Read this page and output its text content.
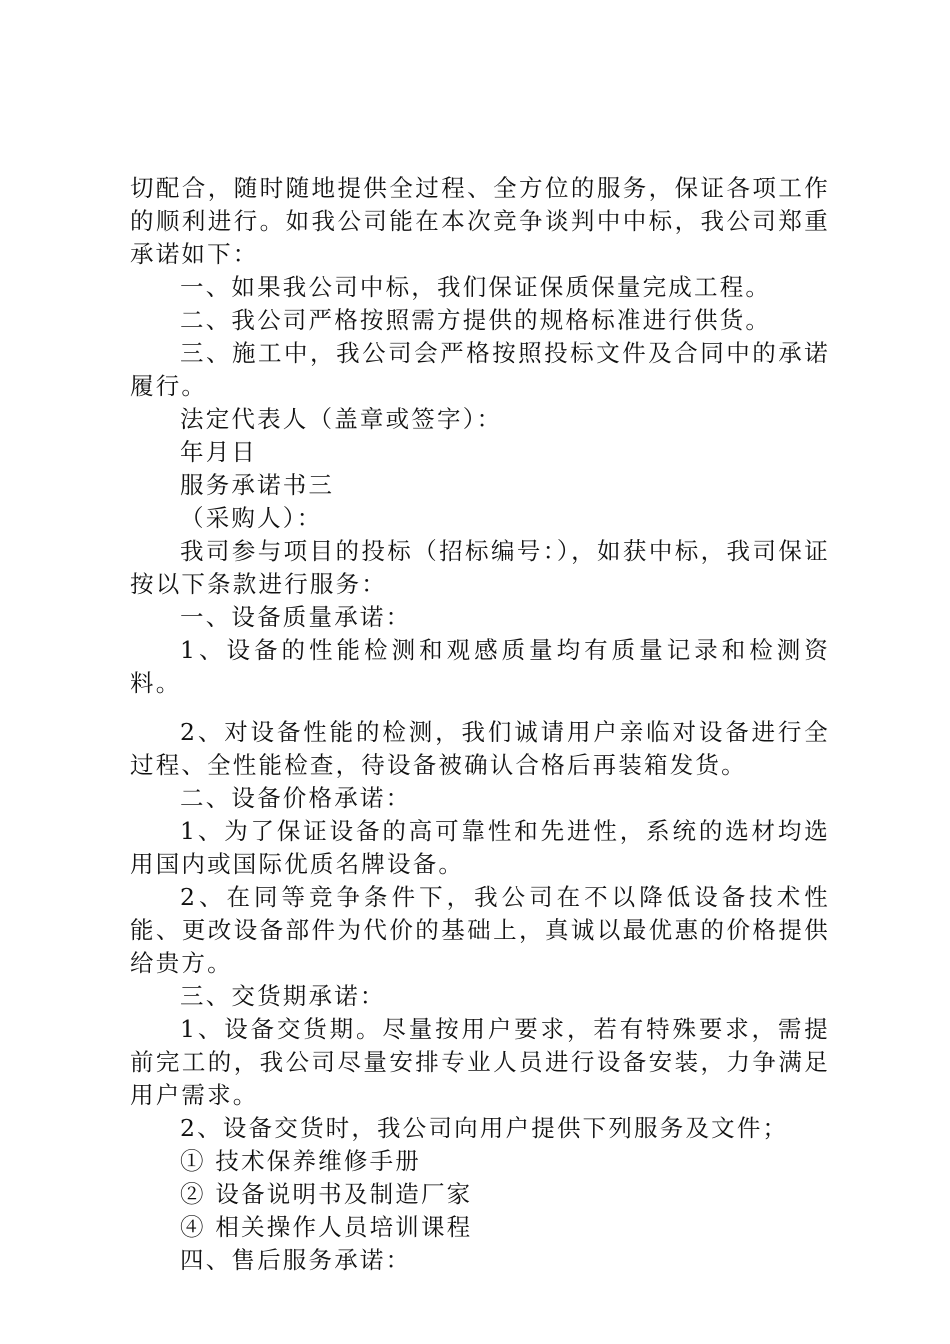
切配合，随时随地提供全过程、全方位的服务，保证各项工作的顺利进行。如我公司能在本次竞争谈判中中标，我公司郑重承诺如下：

一、如果我公司中标，我们保证保质保量完成工程。

二、我公司严格按照需方提供的规格标准进行供货。

三、施工中，我公司会严格按照投标文件及合同中的承诺履行。

法定代表人（盖章或签字）：

年月日

服务承诺书三

（采购人）：

我司参与项目的投标（招标编号：），如获中标，我司保证按以下条款进行服务：

一、设备质量承诺：

1、设备的性能检测和观感质量均有质量记录和检测资料。

2、对设备性能的检测，我们诚请用户亲临对设备进行全过程、全性能检查，待设备被确认合格后再装箱发货。

二、设备价格承诺：

1、为了保证设备的高可靠性和先进性，系统的选材均选用国内或国际优质名牌设备。

2、在同等竞争条件下，我公司在不以降低设备技术性能、更改设备部件为代价的基础上，真诚以最优惠的价格提供给贵方。

三、交货期承诺：

1、设备交货期。尽量按用户要求，若有特殊要求，需提前完工的，我公司尽量安排专业人员进行设备安装，力争满足用户需求。

2、设备交货时，我公司向用户提供下列服务及文件；

① 技术保养维修手册

② 设备说明书及制造厂家

④ 相关操作人员培训课程

四、售后服务承诺：
